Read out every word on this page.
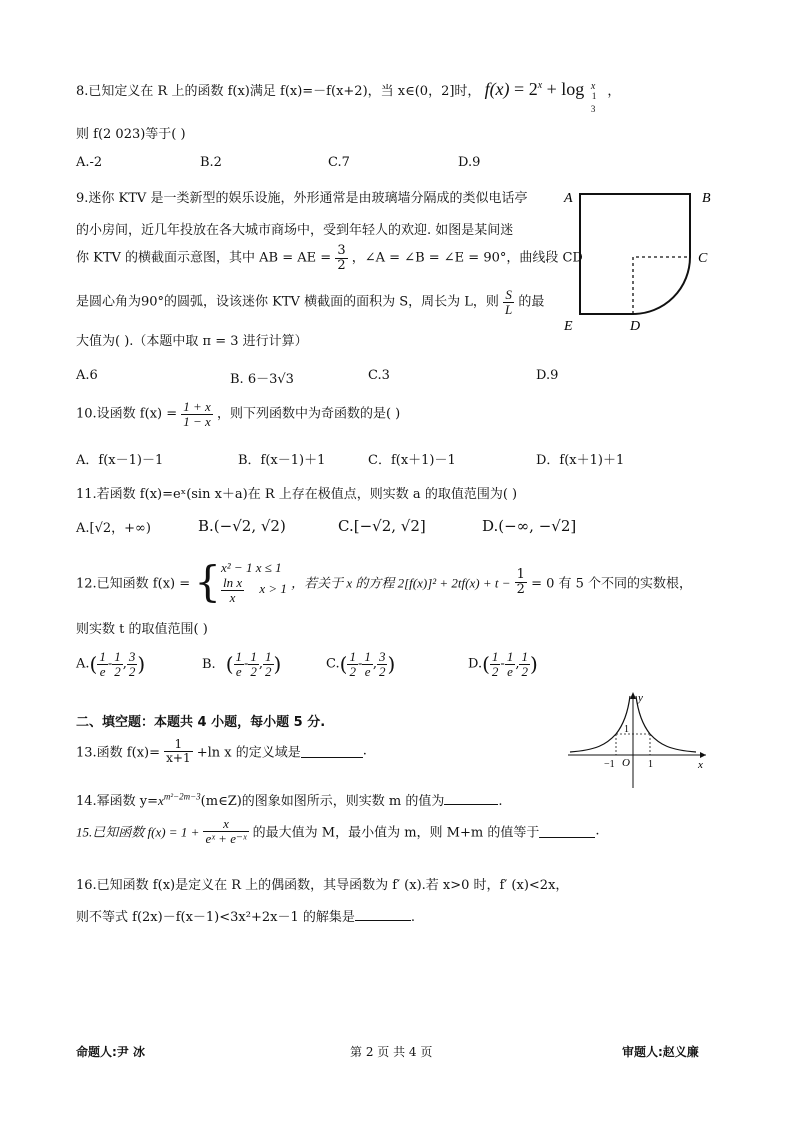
8.已知定义在 R 上的函数 f(x)满足 f(x)=－f(x+2)，当 x∈(0，2]时， $f(x) = 2^x + \log x$
1
3
，
则 f(2 023)等于( )
A.-2	B.2	C.7	D.9
9.迷你 KTV 是一类新型的娱乐设施，外形通常是由玻璃墙分隔成的类似电话亭
的小房间，近几年投放在各大城市商场中，受到年轻人的欢迎. 如图是某间迷
你 KTV 的横截面示意图，其中 AB = AE = $\frac{3}{2}$ ，∠A = ∠B = ∠E = 90°，曲线段 CD
是圆心角为90°的圆弧，设该迷你 KTV 横截面的面积为 S，周长为 L，则 $\frac{S}{L}$ 的最
大值为( ).（本题中取 π = 3 进行计算）
A.6	B. 6－3√3	C.3	D.9
A	B
C
D
E
10.设函数 $f(x) = \frac{1 + x}{1 - x}$ ，则下列函数中为奇函数的是( )
A．f(x－1)－1	B．f(x－1)＋1	C．f(x＋1)－1	D．f(x＋1)＋1
11.若函数 f(x)=eˣ(sin x＋a)在 R 上存在极值点，则实数 a 的取值范围为( )
A.[√2，+∞)	B.(−√2, √2)	C.[−√2, √2]	D.(−∞, −√2]
12.已知函数 f(x) = { x² − 1 x ≤ 1
$\frac{\text{ln x}}{x}$ x > 1 ，若关于 x 的方程 $2[f(x)]^2 + 2tf(x) + t - \frac{1}{2} = 0$ 有 5 个不同的实数根，
则实数 t 的取值范围( )
$A.( \frac{1}{e} - \frac{1}{2}$ , $\frac{3}{2}$ )	B. ( $\frac{1}{e} - \frac{1}{2}$ , $\frac{1}{2}$ )	$C.( \frac{1}{2} - \frac{1}{e}$ , $\frac{3}{2}$ )	$D.( \frac{1}{2} - \frac{1}{e}$ , $\frac{1}{2}$ )
二、填空题：本题共 4 小题，每小题 5 分.
13.函数 $f(x)= \frac{1}{x+1} +\ln$ x 的定义域是	.
14.幂函数 $y=x^{m^2-2m-3}(m\in Z)$的图象如图所示，则实数 m 的值为	.
y
x
O
−1	1
1
15.已知函数 $f(x) = 1 + \frac{x}{\text{eˣ + e⁻ˣ}}$ 的最大值为 M，最小值为 m，则 M+m 的值等于	.
16.已知函数 f(x)是定义在 R 上的偶函数，其导函数为 f′ (x).若 x>0 时，f′ (x)<2x，
则不等式 f(2x)－f(x－1)<3x²+2x－1 的解集是	.
命题人:尹 冰	第 2 页 共 4 页	审题人:赵义廉
